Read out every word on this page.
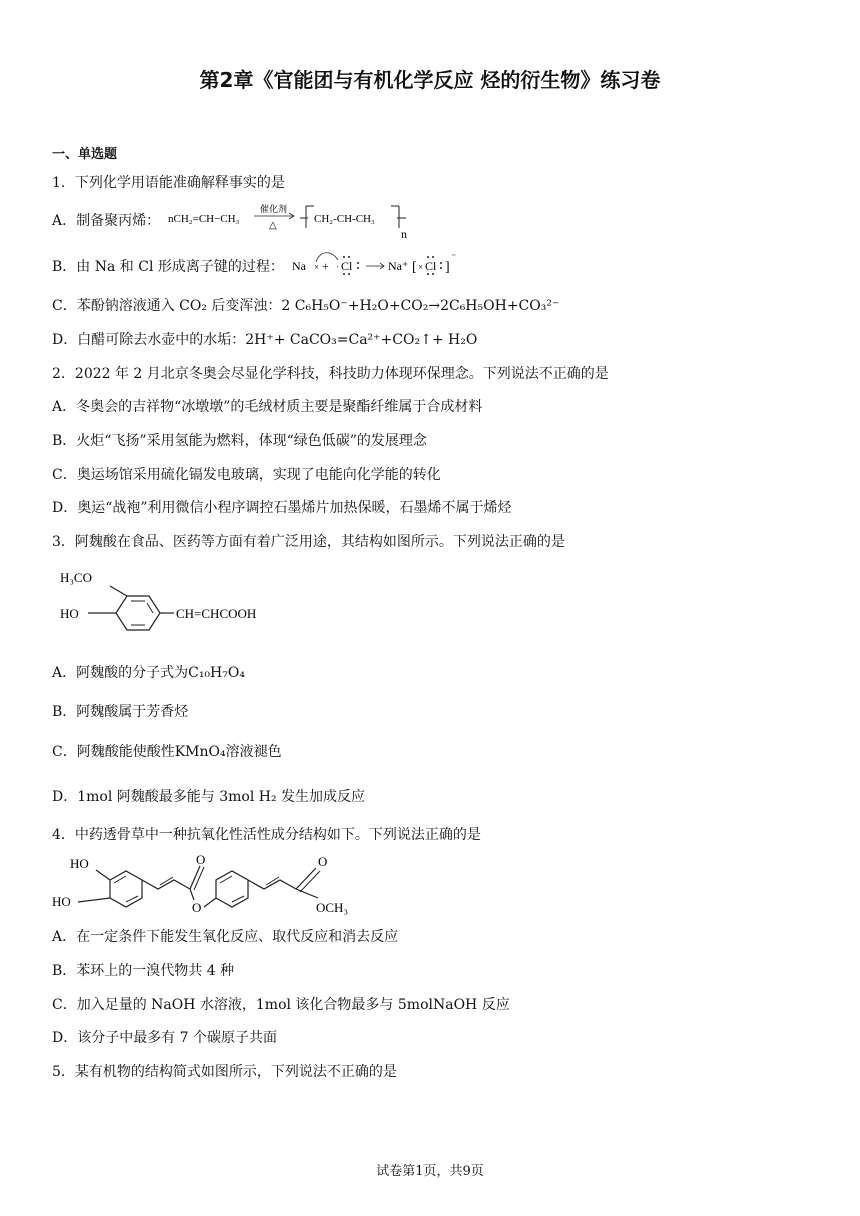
第2章《官能团与有机化学反应 烃的衍生物》练习卷
一、单选题
1．下列化学用语能准确解释事实的是
A．制备聚丙烯： nCH₂=CH−CH₃
催化剂
△
CH₂-CH-CH₃
n
B．由 Na 和 Cl 形成离子键的过程： Na × + · Cl	Na⁺ [ × Cl ]
⁻
C．苯酚钠溶液通入 CO₂ 后变浑浊：2 C₆H₅O⁻+H₂O+CO₂→2C₆H₅OH+CO₃²⁻
D．白醋可除去水壶中的水垢：2H⁺+ CaCO₃=Ca²⁺+CO₂↑+ H₂O
2．2022 年 2 月北京冬奥会尽显化学科技，科技助力体现环保理念。下列说法不正确的是
A．冬奥会的吉祥物“冰墩墩”的毛绒材质主要是聚酯纤维属于合成材料
B．火炬“飞扬”采用氢能为燃料，体现“绿色低碳”的发展理念
C．奥运场馆采用硫化镉发电玻璃，实现了电能向化学能的转化
D．奥运“战袍”利用微信小程序调控石墨烯片加热保暖，石墨烯不属于烯烃
3．阿魏酸在食品、医药等方面有着广泛用途，其结构如图所示。下列说法正确的是
H₃CO
HO	CH=CHCOOH
A．阿魏酸的分子式为C₁₀H₇O₄
B．阿魏酸属于芳香烃
C．阿魏酸能使酸性KMnO₄溶液褪色
D．1mol 阿魏酸最多能与 3mol H₂ 发生加成反应
4．中药透骨草中一种抗氧化性活性成分结构如下。下列说法正确的是
HO
HO
O
O
O
OCH₃
A．在一定条件下能发生氧化反应、取代反应和消去反应
B．苯环上的一溴代物共 4 种
C．加入足量的 NaOH 水溶液，1mol 该化合物最多与 5molNaOH 反应
D．该分子中最多有 7 个碳原子共面
5．某有机物的结构简式如图所示，下列说法不正确的是
试卷第1页，共9页
